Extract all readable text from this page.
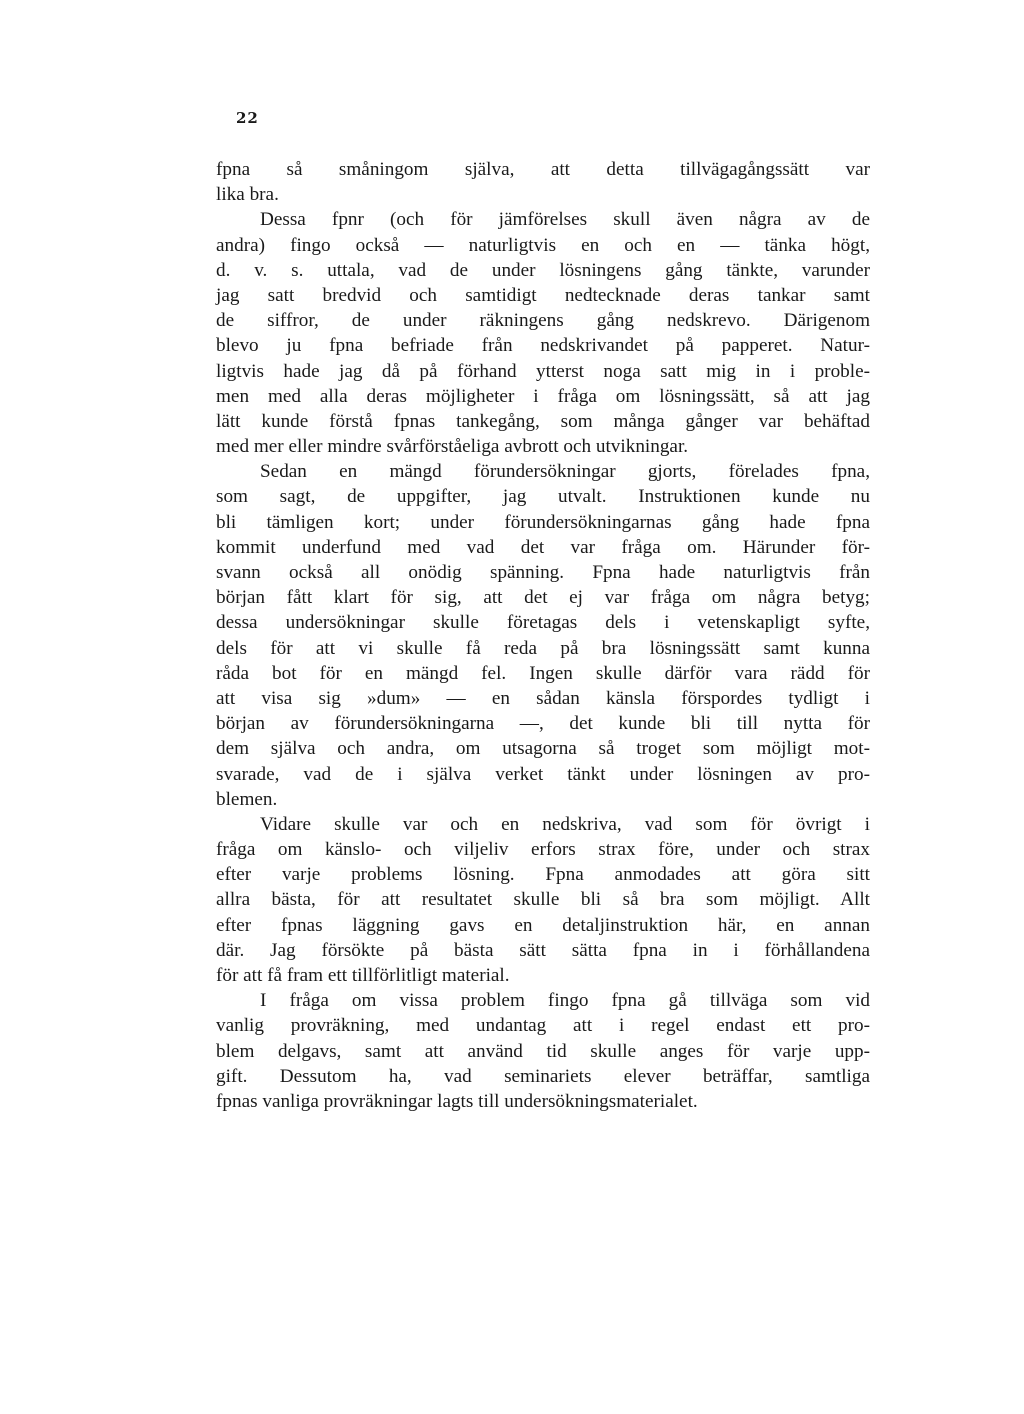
22
fpna så småningom själva, att detta tillvägagångssätt var
lika bra.
Dessa fpnr (och för jämförelses skull även några av de
andra) fingo också — naturligtvis en och en — tänka högt,
d. v. s. uttala, vad de under lösningens gång tänkte, varunder
jag satt bredvid och samtidigt nedtecknade deras tankar samt
de siffror, de under räkningens gång nedskrevo. Därigenom
blevo ju fpna befriade från nedskrivandet på papperet. Natur-
ligtvis hade jag då på förhand ytterst noga satt mig in i proble-
men med alla deras möjligheter i fråga om lösningssätt, så att jag
lätt kunde förstå fpnas tankegång, som många gånger var behäftad
med mer eller mindre svårförståeliga avbrott och utvikningar.
Sedan en mängd förundersökningar gjorts, förelades fpna,
som sagt, de uppgifter, jag utvalt. Instruktionen kunde nu
bli tämligen kort; under förundersökningarnas gång hade fpna
kommit underfund med vad det var fråga om. Härunder för-
svann också all onödig spänning. Fpna hade naturligtvis från
början fått klart för sig, att det ej var fråga om några betyg;
dessa undersökningar skulle företagas dels i vetenskapligt syfte,
dels för att vi skulle få reda på bra lösningssätt samt kunna
råda bot för en mängd fel. Ingen skulle därför vara rädd för
att visa sig »dum» — en sådan känsla förspordes tydligt i
början av förundersökningarna —, det kunde bli till nytta för
dem själva och andra, om utsagorna så troget som möjligt mot-
svarade, vad de i själva verket tänkt under lösningen av pro-
blemen.
Vidare skulle var och en nedskriva, vad som för övrigt i
fråga om känslo- och viljeliv erfors strax före, under och strax
efter varje problems lösning. Fpna anmodades att göra sitt
allra bästa, för att resultatet skulle bli så bra som möjligt. Allt
efter fpnas läggning gavs en detaljinstruktion här, en annan
där. Jag försökte på bästa sätt sätta fpna in i förhållandena
för att få fram ett tillförlitligt material.
I fråga om vissa problem fingo fpna gå tillväga som vid
vanlig provräkning, med undantag att i regel endast ett pro-
blem delgavs, samt att använd tid skulle anges för varje upp-
gift. Dessutom ha, vad seminariets elever beträffar, samtliga
fpnas vanliga provräkningar lagts till undersökningsmaterialet.
